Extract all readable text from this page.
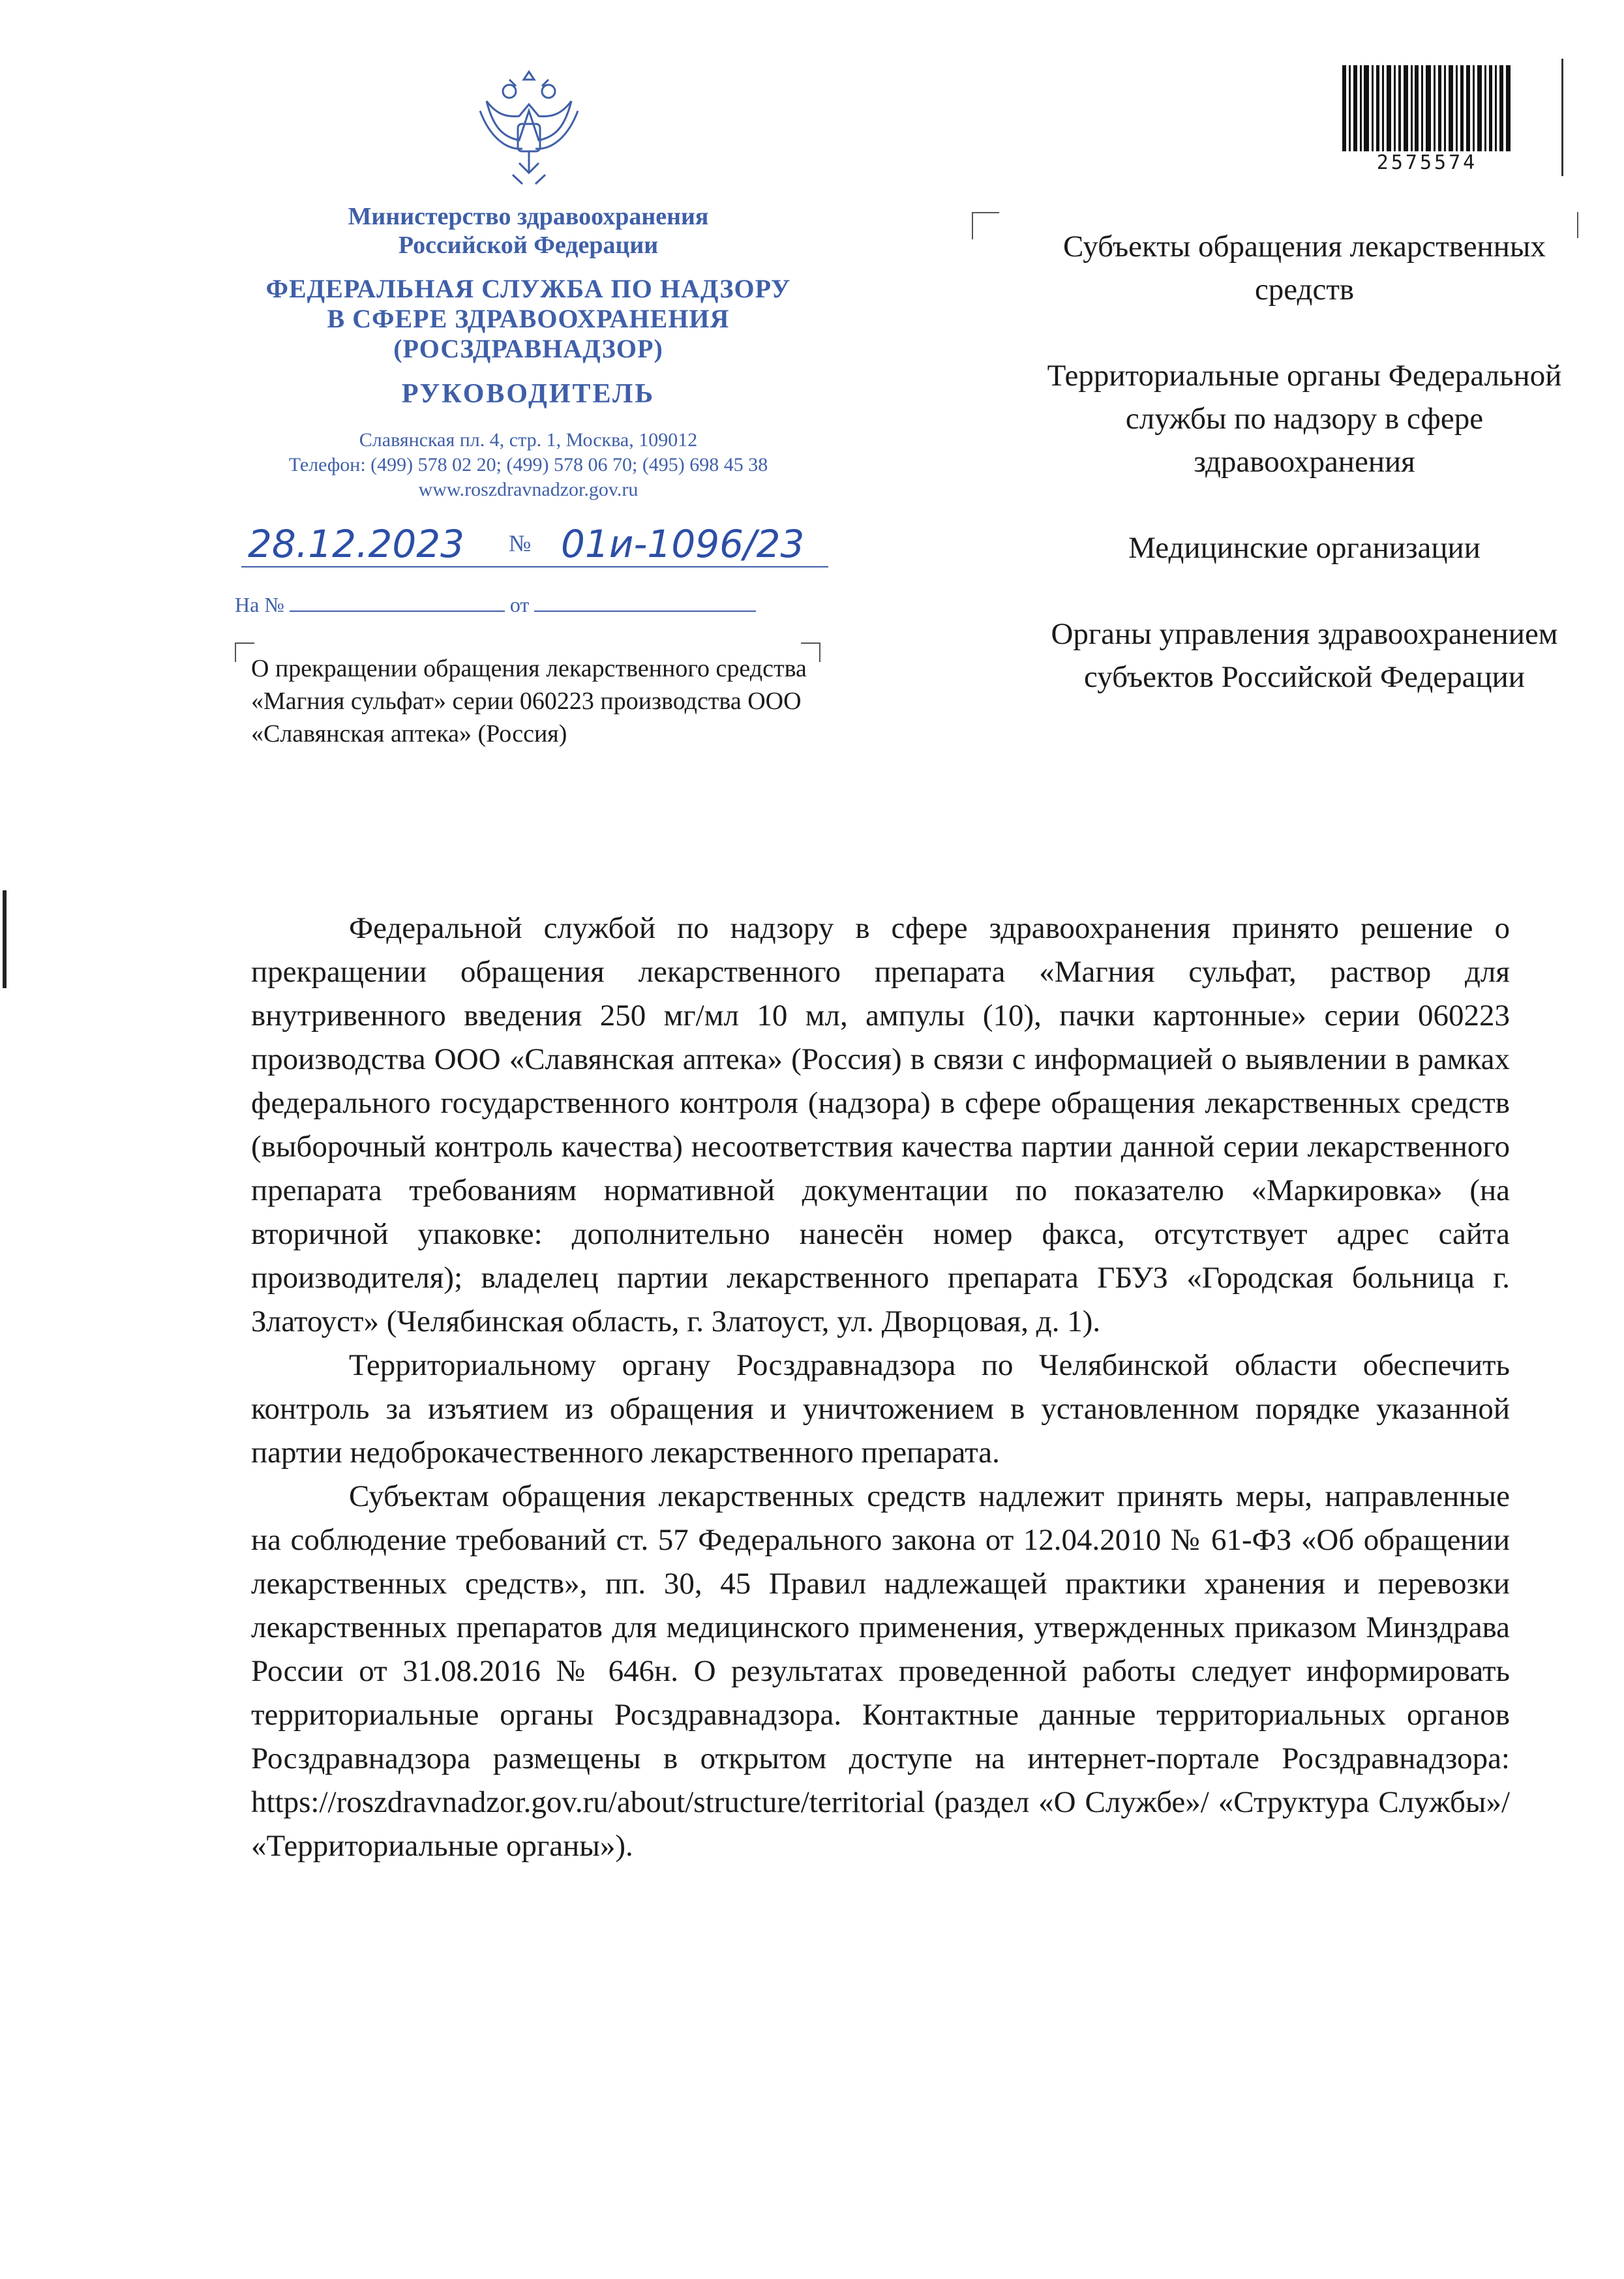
Министерство здравоохранения
Российской Федерации
ФЕДЕРАЛЬНАЯ СЛУЖБА ПО НАДЗОРУ
В СФЕРЕ ЗДРАВООХРАНЕНИЯ
(РОСЗДРАВНАДЗОР)
РУКОВОДИТЕЛЬ
Славянская пл. 4, стр. 1, Москва, 109012
Телефон: (499) 578 02 20; (499) 578 06 70; (495) 698 45 38
www.roszdravnadzor.gov.ru
28.12.2023 № 01и-1096/23
На №	от
О прекращении обращения лекарственного средства «Магния сульфат» серии 060223 производства ООО «Славянская аптека» (Россия)
2575574

Субъекты обращения лекарственных средств

Территориальные органы Федеральной службы по надзору в сфере здравоохранения

Медицинские организации

Органы управления здравоохранением субъектов Российской Федерации

Федеральной службой по надзору в сфере здравоохранения принято решение о прекращении обращения лекарственного препарата «Магния сульфат, раствор для внутривенного введения 250 мг/мл 10 мл, ампулы (10), пачки картонные» серии 060223 производства ООО «Славянская аптека» (Россия) в связи с информацией о выявлении в рамках федерального государственного контроля (надзора) в сфере обращения лекарственных средств (выборочный контроль качества) несоответствия качества партии данной серии лекарственного препарата требованиям нормативной документации по показателю «Маркировка» (на вторичной упаковке: дополнительно нанесён номер факса, отсутствует адрес сайта производителя); владелец партии лекарственного препарата ГБУЗ «Городская больница г. Златоуст» (Челябинская область, г. Златоуст, ул. Дворцовая, д. 1).

Территориальному органу Росздравнадзора по Челябинской области обеспечить контроль за изъятием из обращения и уничтожением в установленном порядке указанной партии недоброкачественного лекарственного препарата.

Субъектам обращения лекарственных средств надлежит принять меры, направленные на соблюдение требований ст. 57 Федерального закона от 12.04.2010 № 61-ФЗ «Об обращении лекарственных средств», пп. 30, 45 Правил надлежащей практики хранения и перевозки лекарственных препаратов для медицинского применения, утвержденных приказом Минздрава России от 31.08.2016 № 646н. О результатах проведенной работы следует информировать территориальные органы Росздравнадзора. Контактные данные территориальных органов Росздравнадзора размещены в открытом доступе на интернет-портале Росздравнадзора: https://roszdravnadzor.gov.ru/about/structure/territorial (раздел «О Службе»/ «Структура Службы»/ «Территориальные органы»).
